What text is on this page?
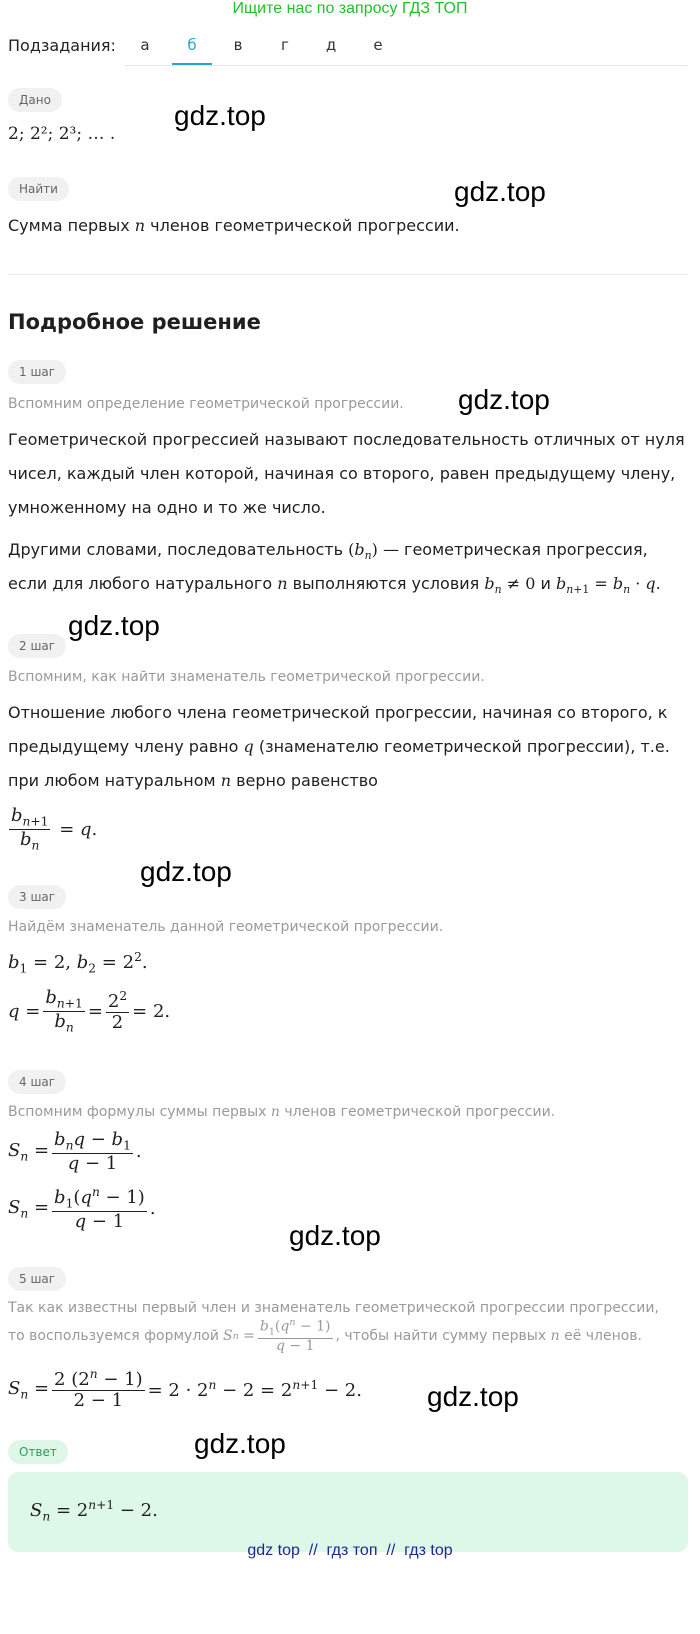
Ищите нас по запросу ГДЗ ТОП
Подзадания:	а	б	в	г	д	е
Дано
2; 2²; 2³; … .
Найти
Сумма первых n членов геометрической прогрессии.
Подробное решение
1 шаг
Вспомним определение геометрической прогрессии.
Геометрической прогрессией называют последовательность отличных от нуля
чисел, каждый член которой, начиная со второго, равен предыдущему члену,
умноженному на одно и то же число.
Другими словами, последовательность $(b_n)$ — геометрическая прогрессия,
если для любого натурального n выполняются условия $b_n \ne 0$ и $b_{n+1} = b_n \cdot q$.
2 шаг
Вспомним, как найти знаменатель геометрической прогрессии.
Отношение любого члена геометрической прогрессии, начиная со второго, к
предыдущему члену равно q (знаменателю геометрической прогрессии), т.е.
при любом натуральном n верно равенство
$\frac{b_{n+1}}{b_n} = q$.
3 шаг
Найдём знаменатель данной геометрической прогрессии.
$b_1 = 2$, $b_2 = 2^2$.
$q = \frac{b_{n+1}}{b_n} = \frac{2^2}{2} = 2$.
4 шаг
Вспомним формулы суммы первых n членов геометрической прогрессии.
$S_n = \frac{b_nq - b_1}{q - 1}$ .
$S_n = \frac{b_1(q^n - 1)}{q - 1}$ .
5 шаг
Так как известны первый член и знаменатель геометрической прогрессии прогрессии,
то воспользуемся формулой S $n = \frac{b_1(q^n - 1)}{q - 1}$ , чтобы найти сумму первых n её членов.
$S_n = \frac{2 (2^n - 1)}{2 - 1} = 2 \cdot 2^n - 2 = 2^{n+1} - 2$.
Ответ
$S_n = 2^{n+1} - 2$.
gdz.top
gdz.top
gdz.top
gdz.top
gdz.top
gdz.top
gdz.top
gdz.top
gdz top  //  гдз топ  //  гдз top
